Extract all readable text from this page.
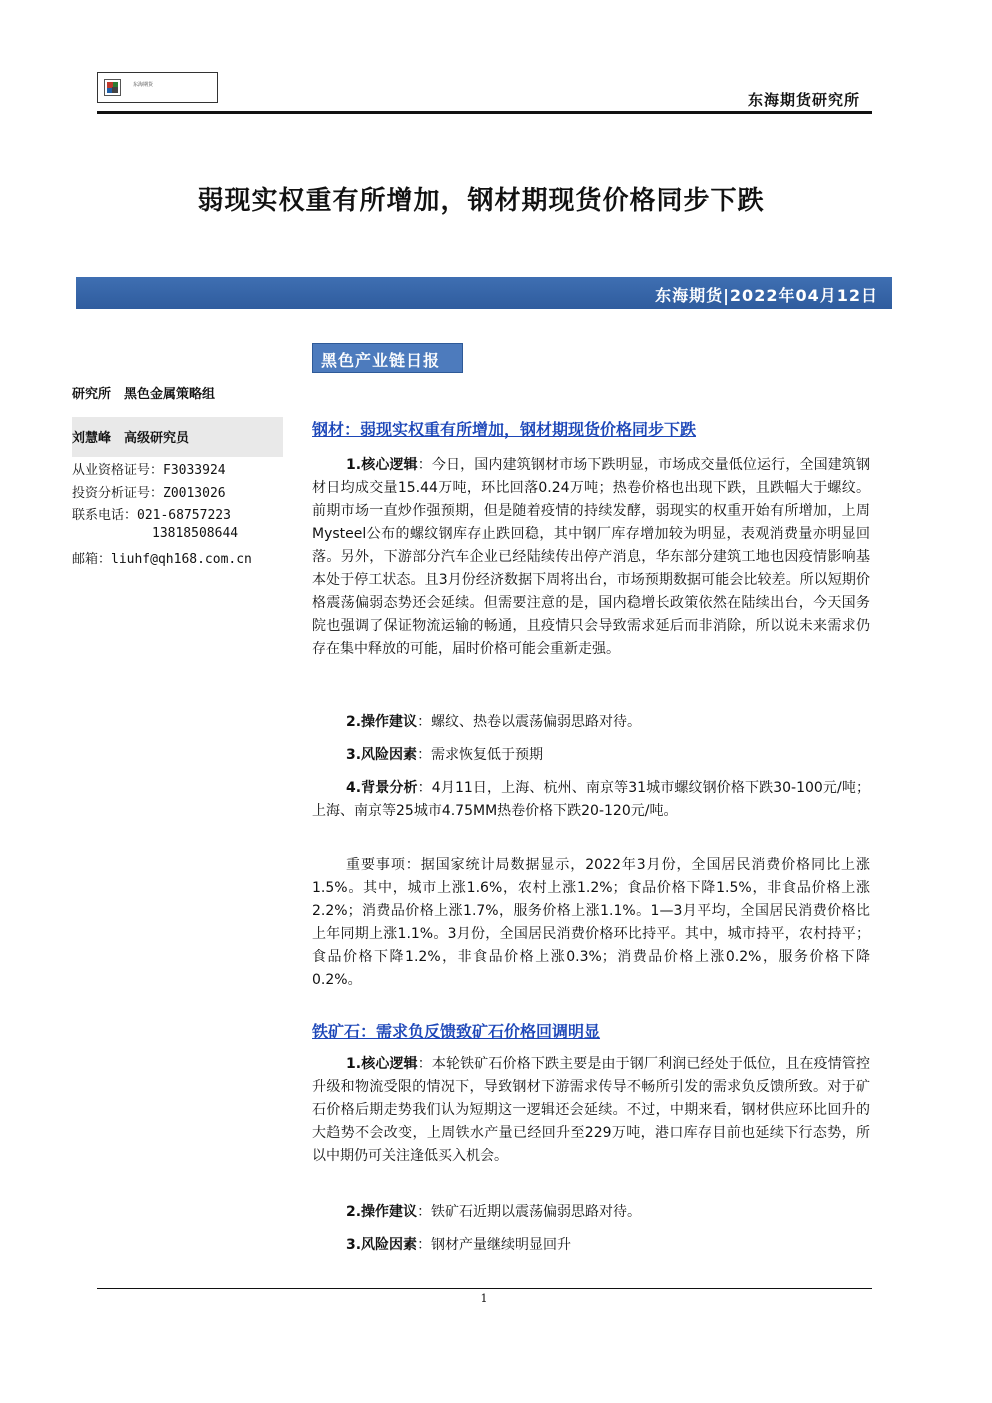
东海期货
东海期货研究所
弱现实权重有所增加，钢材期现货价格同步下跌
东海期货|2022年04月12日
黑色产业链日报
研究所　黑色金属策略组
刘慧峰　高级研究员
从业资格证号：F3033924
投资分析证号：Z0013026
联系电话：021-68757223
13818508644
邮箱：liuhf@qh168.com.cn
钢材：弱现实权重有所增加，钢材期现货价格同步下跌
1.核心逻辑：今日，国内建筑钢材市场下跌明显，市场成交量低位运行，全国建筑钢材日均成交量15.44万吨，环比回落0.24万吨；热卷价格也出现下跌，且跌幅大于螺纹。前期市场一直炒作强预期，但是随着疫情的持续发酵，弱现实的权重开始有所增加，上周Mysteel公布的螺纹钢库存止跌回稳，其中钢厂库存增加较为明显，表观消费量亦明显回落。另外，下游部分汽车企业已经陆续传出停产消息，华东部分建筑工地也因疫情影响基本处于停工状态。且3月份经济数据下周将出台，市场预期数据可能会比较差。所以短期价格震荡偏弱态势还会延续。但需要注意的是，国内稳增长政策依然在陆续出台，今天国务院也强调了保证物流运输的畅通，且疫情只会导致需求延后而非消除，所以说未来需求仍存在集中释放的可能，届时价格可能会重新走强。
2.操作建议：螺纹、热卷以震荡偏弱思路对待。
3.风险因素：需求恢复低于预期
4.背景分析：4月11日，上海、杭州、南京等31城市螺纹钢价格下跌30-100元/吨；上海、南京等25城市4.75MM热卷价格下跌20-120元/吨。
重要事项：据国家统计局数据显示，2022年3月份，全国居民消费价格同比上涨1.5%。其中，城市上涨1.6%，农村上涨1.2%；食品价格下降1.5%，非食品价格上涨2.2%；消费品价格上涨1.7%，服务价格上涨1.1%。1—3月平均，全国居民消费价格比上年同期上涨1.1%。3月份，全国居民消费价格环比持平。其中，城市持平，农村持平；食品价格下降1.2%，非食品价格上涨0.3%；消费品价格上涨0.2%，服务价格下降0.2%。
铁矿石：需求负反馈致矿石价格回调明显
1.核心逻辑：本轮铁矿石价格下跌主要是由于钢厂利润已经处于低位，且在疫情管控升级和物流受限的情况下，导致钢材下游需求传导不畅所引发的需求负反馈所致。对于矿石价格后期走势我们认为短期这一逻辑还会延续。不过，中期来看，钢材供应环比回升的大趋势不会改变，上周铁水产量已经回升至229万吨，港口库存目前也延续下行态势，所以中期仍可关注逢低买入机会。
2.操作建议：铁矿石近期以震荡偏弱思路对待。
3.风险因素：钢材产量继续明显回升
1
